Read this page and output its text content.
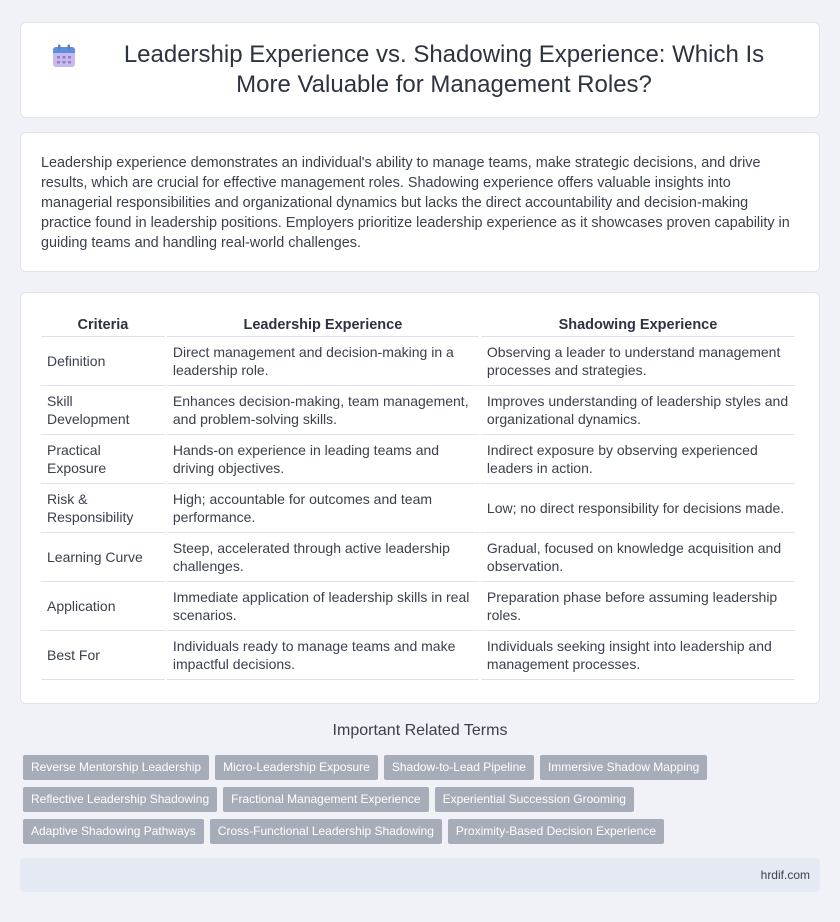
Leadership Experience vs. Shadowing Experience: Which Is More Valuable for Management Roles?

Leadership experience demonstrates an individual's ability to manage teams, make strategic decisions, and drive results, which are crucial for effective management roles. Shadowing experience offers valuable insights into managerial responsibilities and organizational dynamics but lacks the direct accountability and decision-making practice found in leadership positions. Employers prioritize leadership experience as it showcases proven capability in guiding teams and handling real-world challenges.

Criteria	Leadership Experience	Shadowing Experience
Definition	Direct management and decision-making in a leadership role.	Observing a leader to understand management processes and strategies.
Skill Development	Enhances decision-making, team management, and problem-solving skills.	Improves understanding of leadership styles and organizational dynamics.
Practical Exposure	Hands-on experience in leading teams and driving objectives.	Indirect exposure by observing experienced leaders in action.
Risk & Responsibility	High; accountable for outcomes and team performance.	Low; no direct responsibility for decisions made.
Learning Curve	Steep, accelerated through active leadership challenges.	Gradual, focused on knowledge acquisition and observation.
Application	Immediate application of leadership skills in real scenarios.	Preparation phase before assuming leadership roles.
Best For	Individuals ready to manage teams and make impactful decisions.	Individuals seeking insight into leadership and management processes.
Important Related Terms
Reverse Mentorship Leadership	Micro-Leadership Exposure	Shadow-to-Lead Pipeline	Immersive Shadow Mapping
Reflective Leadership Shadowing	Fractional Management Experience	Experiential Succession Grooming
Adaptive Shadowing Pathways	Cross-Functional Leadership Shadowing	Proximity-Based Decision Experience
hrdif.com
